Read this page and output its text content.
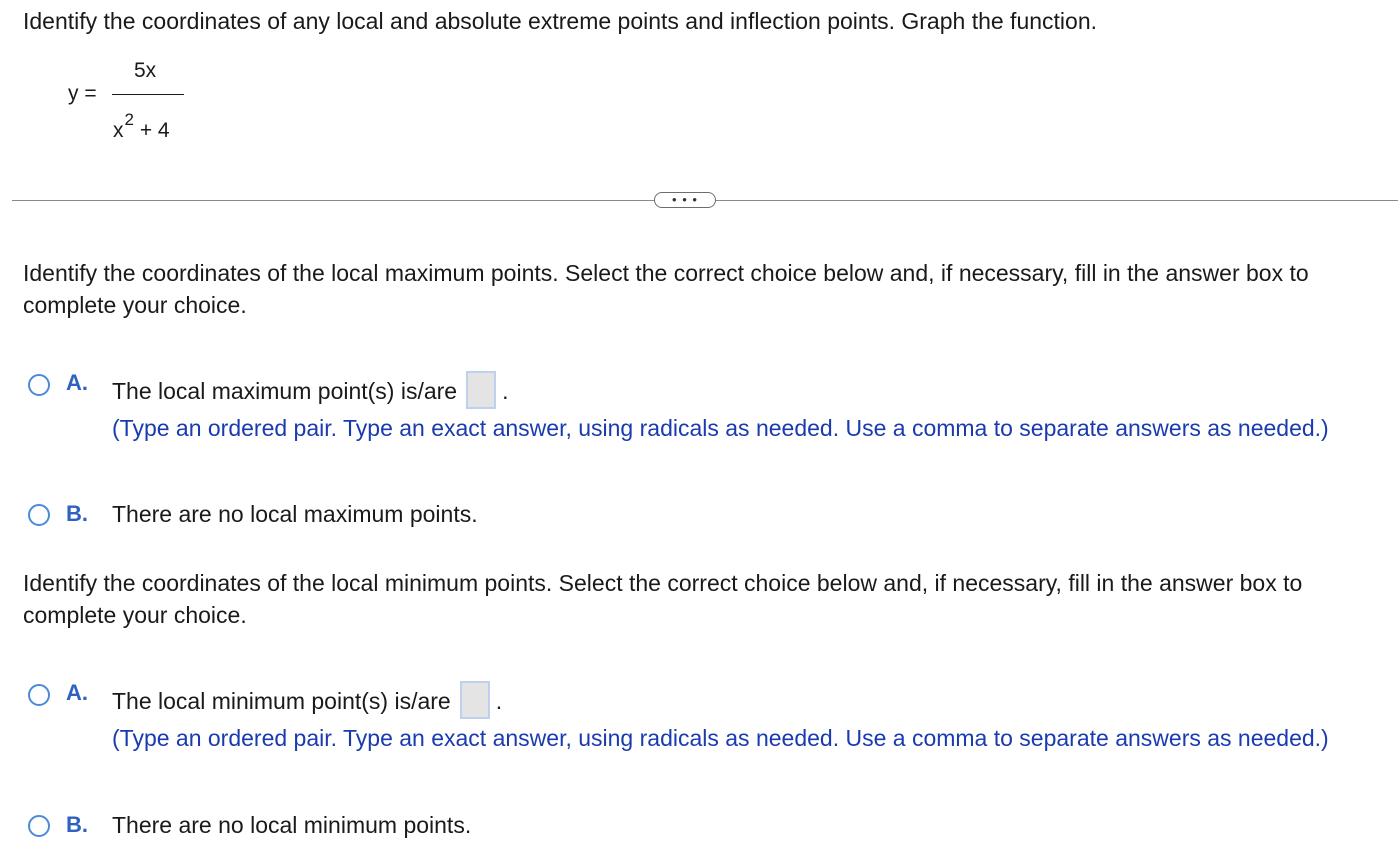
Identify the coordinates of any local and absolute extreme points and inflection points. Graph the function.
y =
5x
$x^2 + 4$
• • •
Identify the coordinates of the local maximum points. Select the correct choice below and, if necessary, fill in the answer box to complete your choice.
A. The local maximum point(s) is/are .
(Type an ordered pair. Type an exact answer, using radicals as needed. Use a comma to separate answers as needed.)
B. There are no local maximum points.
Identify the coordinates of the local minimum points. Select the correct choice below and, if necessary, fill in the answer box to complete your choice.
A. The local minimum point(s) is/are .
(Type an ordered pair. Type an exact answer, using radicals as needed. Use a comma to separate answers as needed.)
B. There are no local minimum points.
